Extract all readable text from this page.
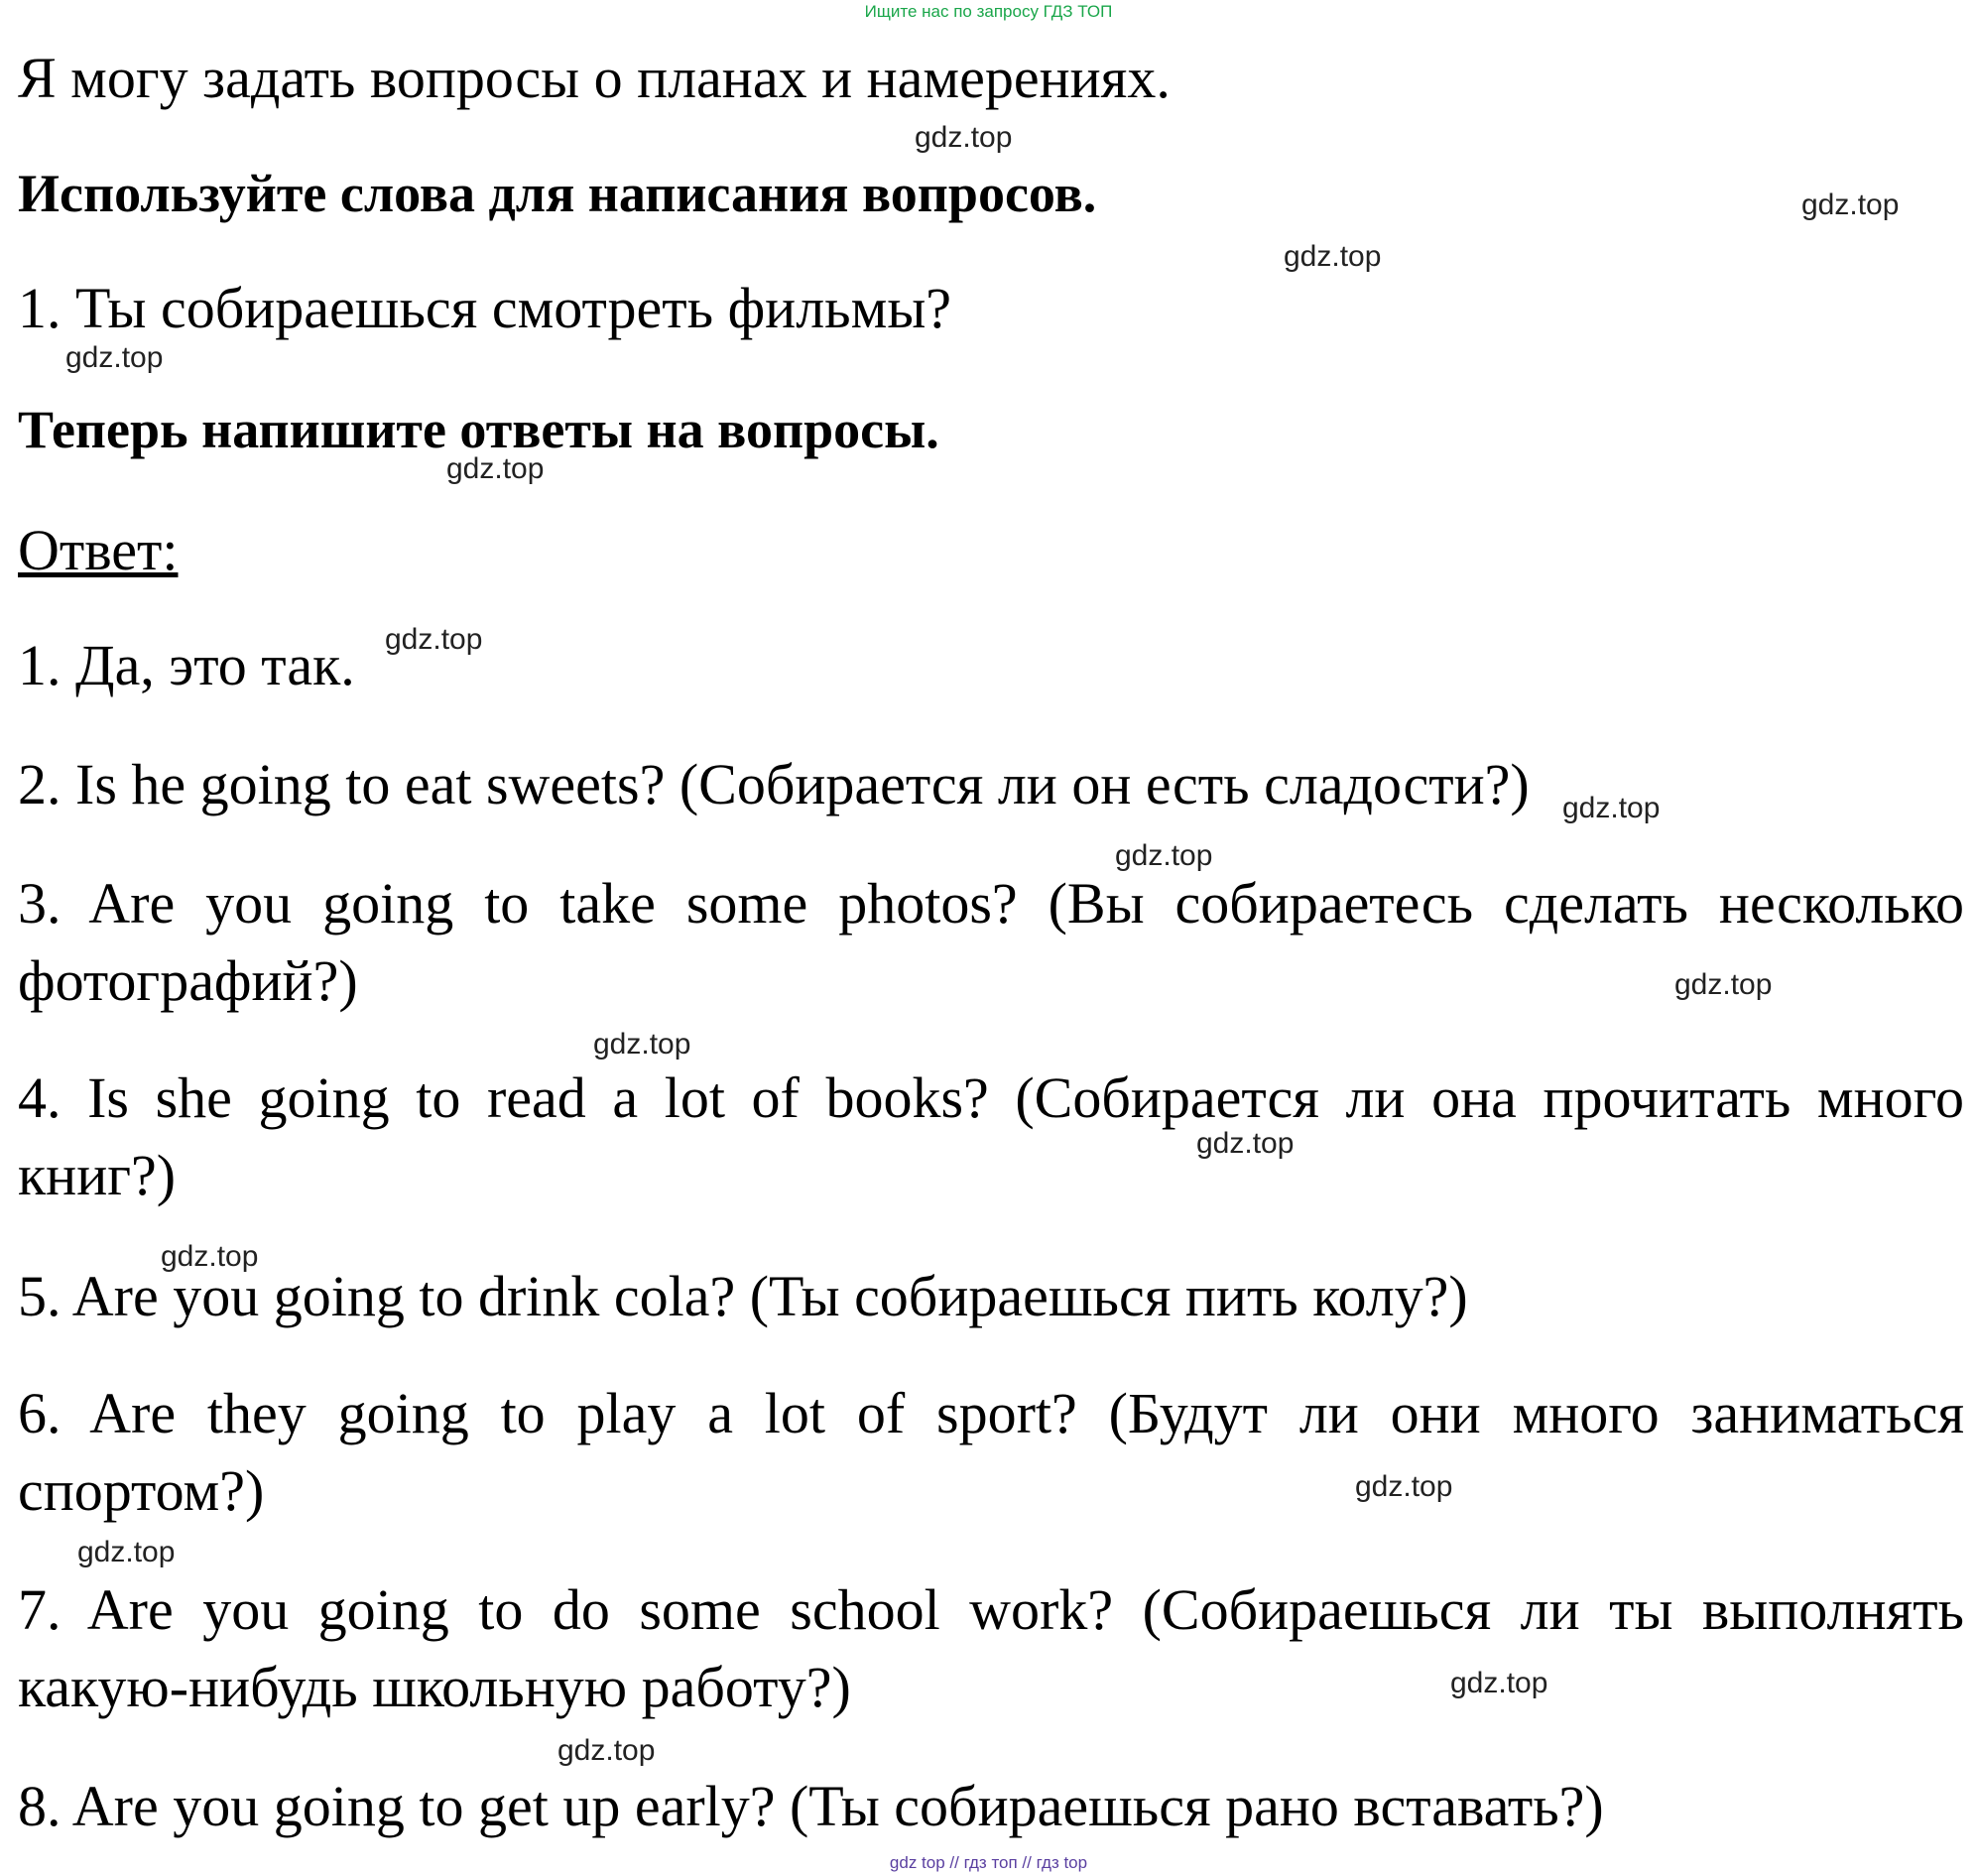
Ищите нас по запросу ГДЗ ТОП
Я могу задать вопросы о планах и намерениях.
Используйте слова для написания вопросов.
1. Ты собираешься смотреть фильмы?
Теперь напишите ответы на вопросы.
Ответ:
1. Да, это так.
2. Is he going to eat sweets? (Собирается ли он есть сладости?)
3. Are you going to take some photos? (Вы собираетесь сделать несколько фотографий?)
4. Is she going to read a lot of books? (Собирается ли она прочитать много книг?)
5. Are you going to drink cola? (Ты собираешься пить колу?)
6. Are they going to play a lot of sport? (Будут ли они много заниматься спортом?)
7. Are you going to do some school work? (Собираешься ли ты выполнять какую-нибудь школьную работу?)
8. Are you going to get up early? (Ты собираешься рано вставать?)
gdz.top
gdz.top
gdz.top
gdz.top
gdz.top
gdz.top
gdz.top
gdz.top
gdz.top
gdz.top
gdz.top
gdz.top
gdz.top
gdz.top
gdz.top
gdz.top
gdz top // гдз топ // гдз top
